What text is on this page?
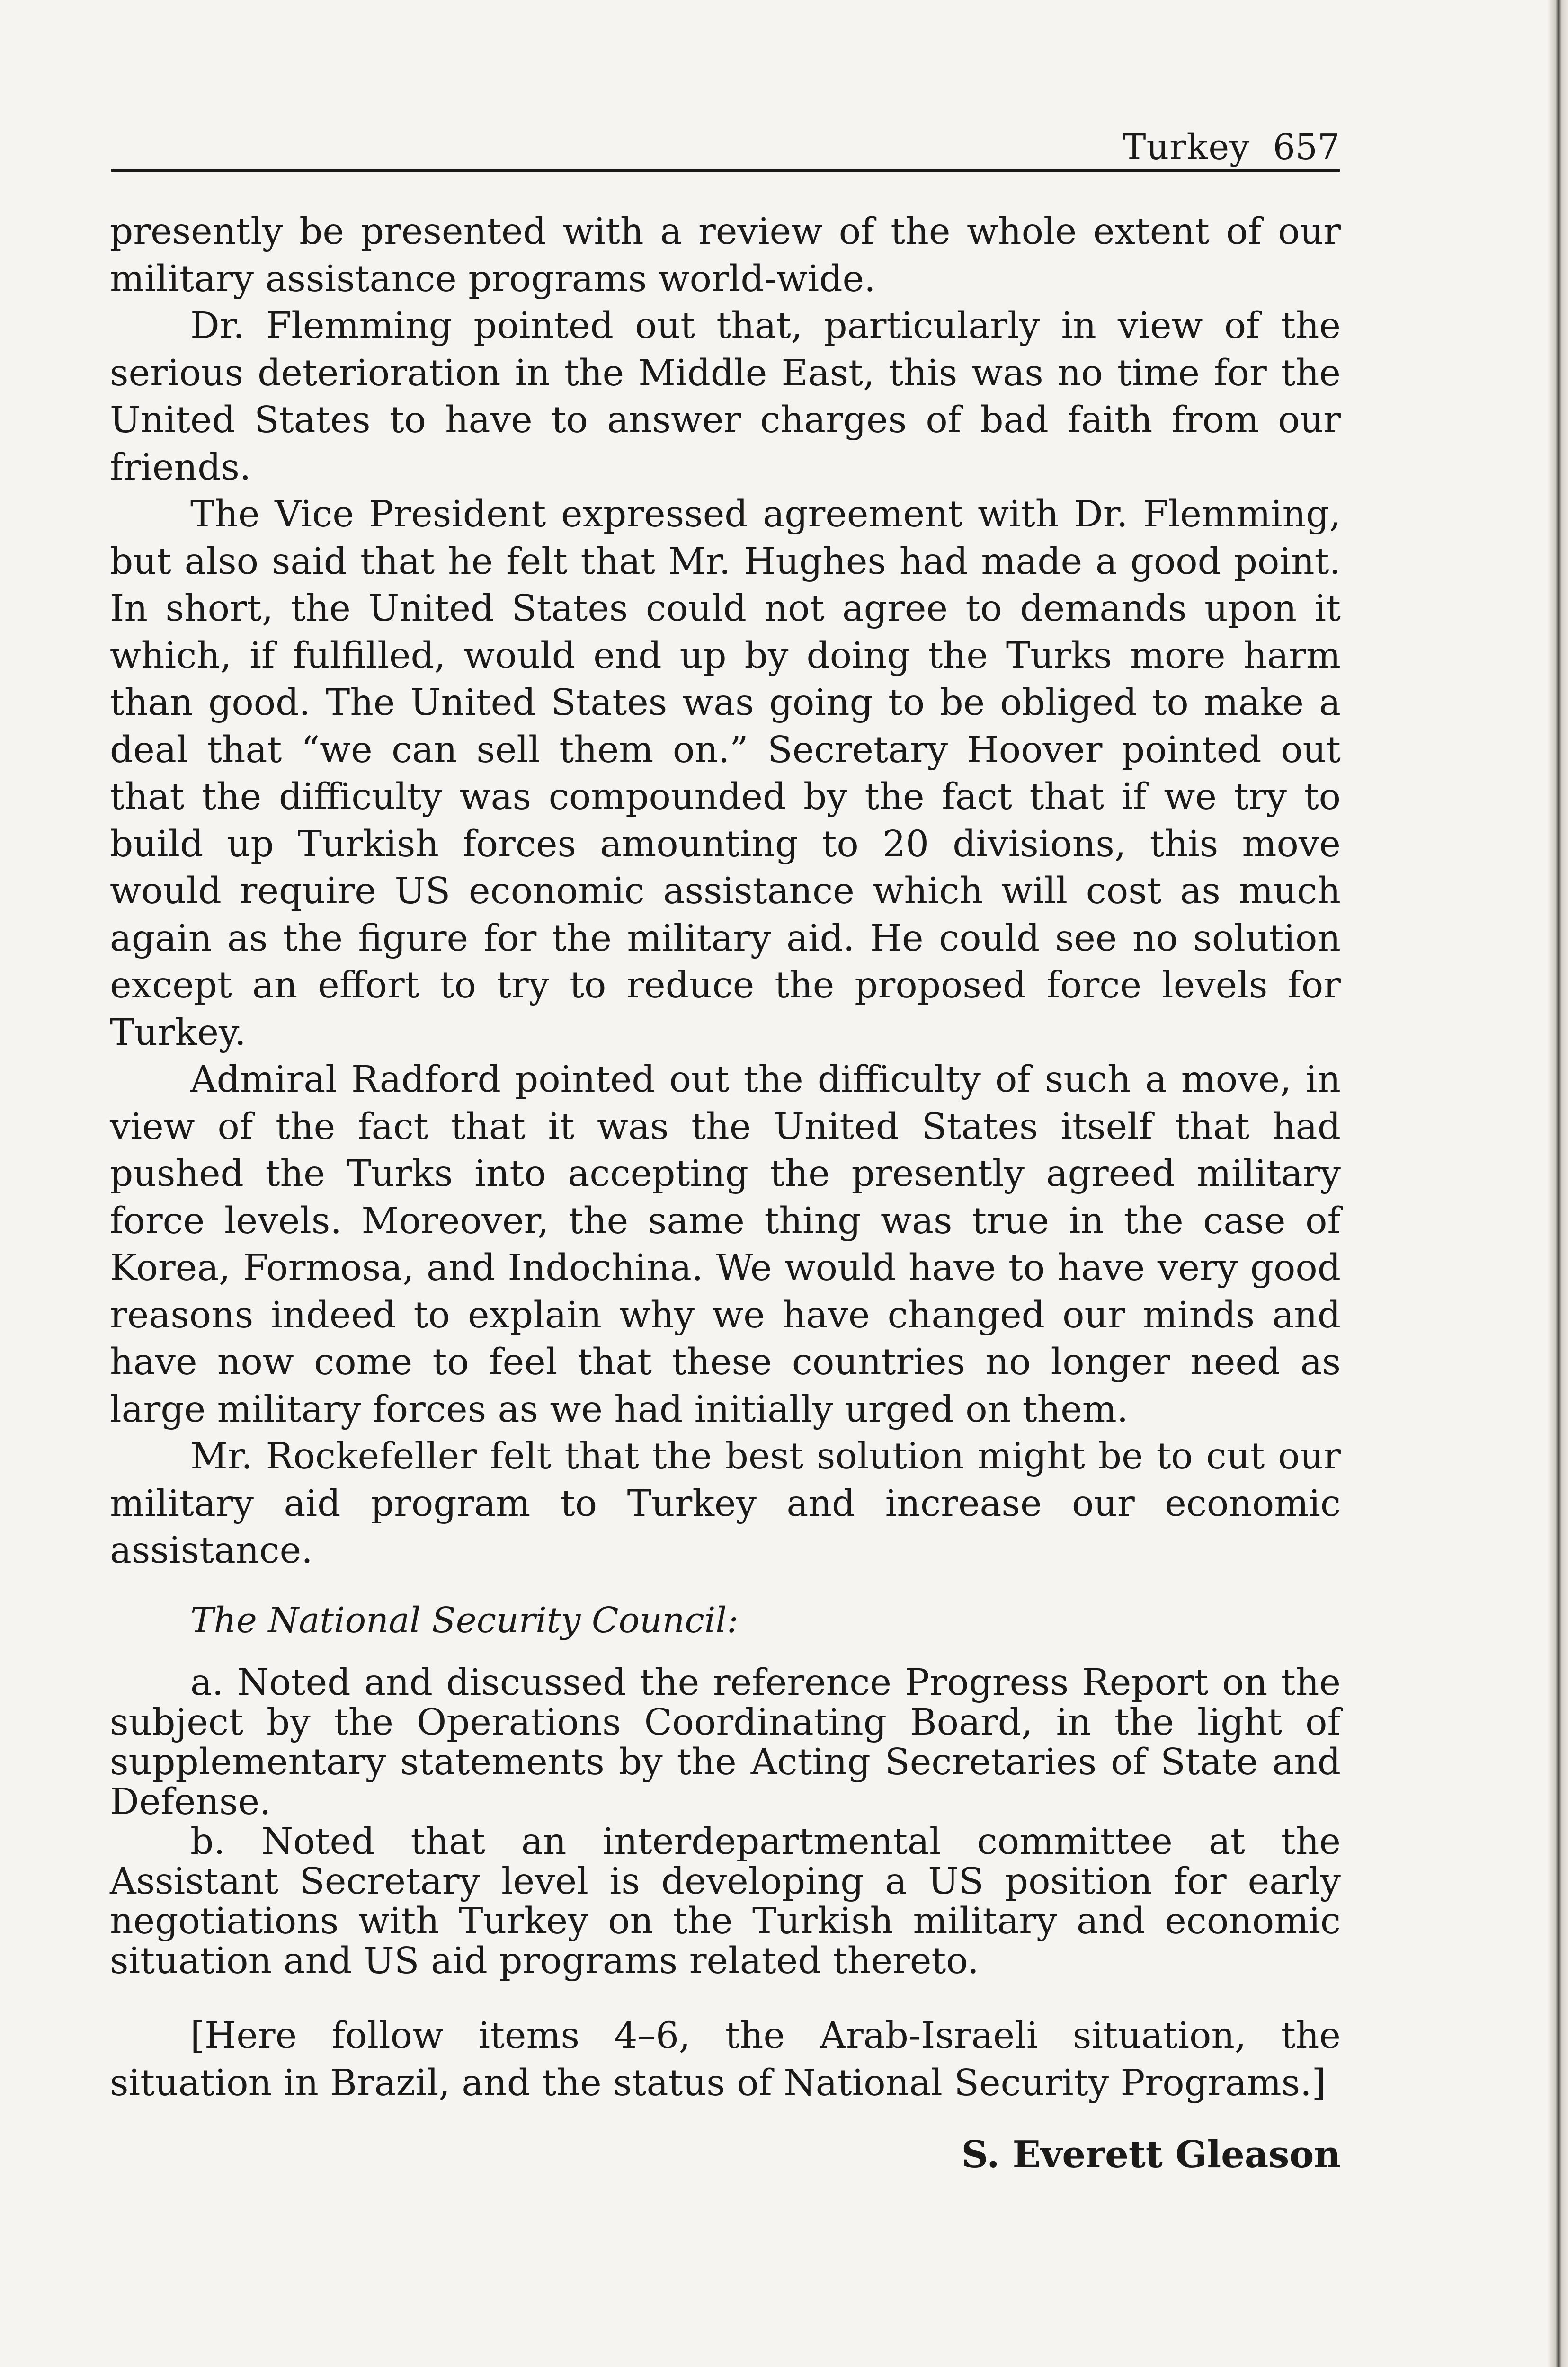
Turkey 657

presently be presented with a review of the whole extent of our military assistance programs world-wide.

Dr. Flemming pointed out that, particularly in view of the serious deterioration in the Middle East, this was no time for the United States to have to answer charges of bad faith from our friends.

The Vice President expressed agreement with Dr. Flemming, but also said that he felt that Mr. Hughes had made a good point. In short, the United States could not agree to demands upon it which, if fulfilled, would end up by doing the Turks more harm than good. The United States was going to be obliged to make a deal that “we can sell them on.” Secretary Hoover pointed out that the difficulty was compounded by the fact that if we try to build up Turkish forces amounting to 20 divisions, this move would require US economic assistance which will cost as much again as the figure for the military aid. He could see no solution except an effort to try to reduce the proposed force levels for Turkey.

Admiral Radford pointed out the difficulty of such a move, in view of the fact that it was the United States itself that had pushed the Turks into accepting the presently agreed military force levels. Moreover, the same thing was true in the case of Korea, Formosa, and Indochina. We would have to have very good reasons indeed to explain why we have changed our minds and have now come to feel that these countries no longer need as large military forces as we had initially urged on them.

Mr. Rockefeller felt that the best solution might be to cut our military aid program to Turkey and increase our economic assistance.

The National Security Council:

a. Noted and discussed the reference Progress Report on the subject by the Operations Coordinating Board, in the light of supplementary statements by the Acting Secretaries of State and Defense.

b. Noted that an interdepartmental committee at the Assistant Secretary level is developing a US position for early negotiations with Turkey on the Turkish military and economic situation and US aid programs related thereto.

[Here follow items 4–6, the Arab-Israeli situation, the situation in Brazil, and the status of National Security Programs.]

S. Everett Gleason
